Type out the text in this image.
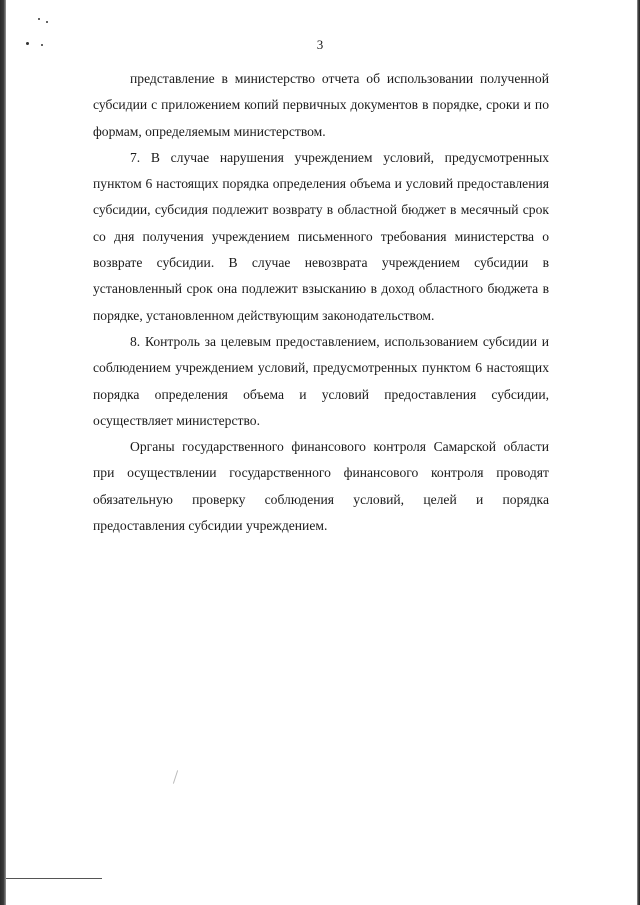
3

представление в министерство отчета об использовании полученной субсидии с приложением копий первичных документов в порядке, сроки и по формам, определяемым министерством.

7. В случае нарушения учреждением условий, предусмотренных пунктом 6 настоящих порядка определения объема и условий предоставления субсидии, субсидия подлежит возврату в областной бюджет в месячный срок со дня получения учреждением письменного требования министерства о возврате субсидии. В случае невозврата учреждением субсидии в установленный срок она подлежит взысканию в доход областного бюджета в порядке, установленном действующим законодательством.

8. Контроль за целевым предоставлением, использованием субсидии и соблюдением учреждением условий, предусмотренных пунктом 6 настоящих порядка определения объема и условий предоставления субсидии, осуществляет министерство.

Органы государственного финансового контроля Самарской области при осуществлении государственного финансового контроля проводят обязательную проверку соблюдения условий, целей и порядка предоставления субсидии учреждением.
